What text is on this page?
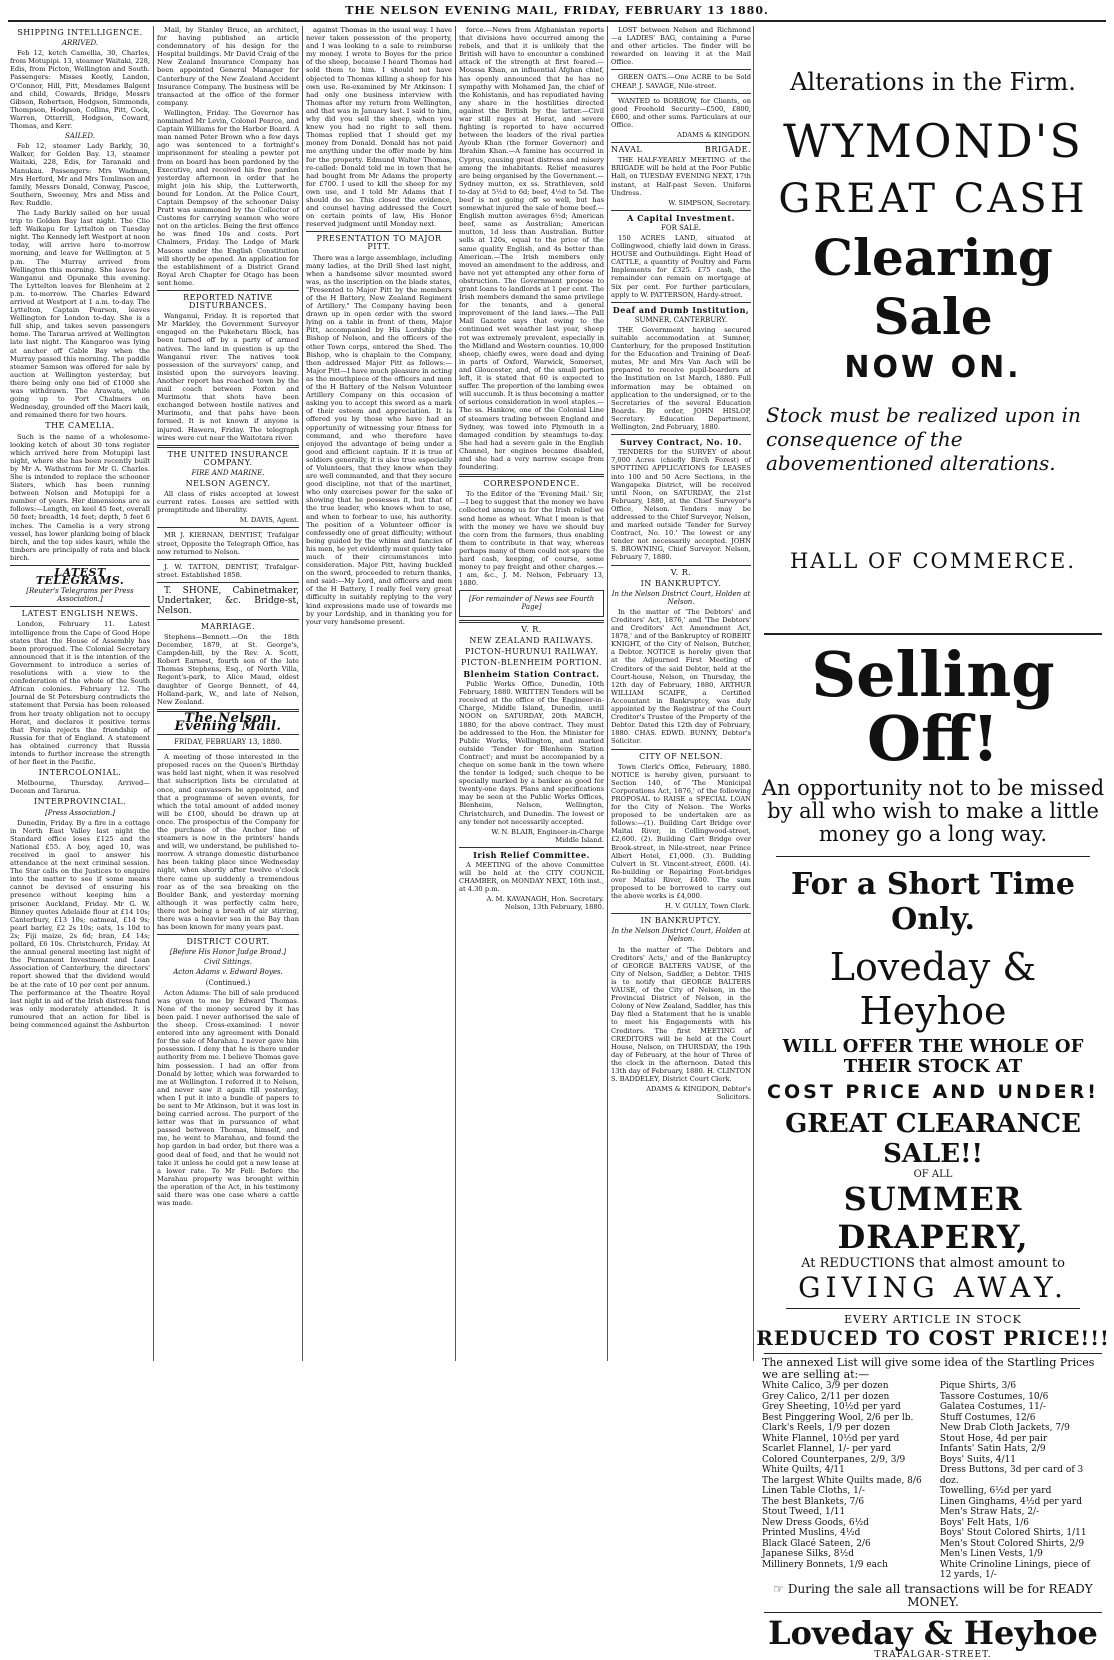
THE NELSON EVENING MAIL, FRIDAY, FEBRUARY 13 1880.
SHIPPING INTELLIGENCE.
ARRIVED.

Feb 12, ketch Camellia, 30, Charles, from Motupipi. 13, steamer Waitaki, 228, Edis, from Picton, Wellington and South. Passengers: Misses Keetly, Landon, O'Connor, Hill, Pitt, Mesdames Balgent and child, Cowards, Bridge, Messrs Gibson, Robertson, Hodgson, Simmonds, Thompson, Hodgson, Collins, Pitt, Cock, Warren, Otterrill, Hodgson, Coward, Thomas, and Kerr.

SAILED.

Feb 12, steamer Lady Barkly, 30, Walker, for Golden Bay. 13, steamer Waitaki, 228, Edis, for Taranaki and Manukau. Passengers: Mrs Wadman, Mrs Herford, Mr and Mrs Tomlinson and family, Messrs Donald, Conway, Pascoe, Southern, Sweeney, Mrs and Miss and Rev. Ruddle.

The Lady Barkly sailed on her usual trip to Golden Bay last night. The Clio left Waikapu for Lyttelton on Tuesday night. The Kennedy left Westport at noon today, will arrive here to-morrow morning, and leave for Wellington at 5 p.m. The Murray arrived from Wellington this morning. She leaves for Wanganui and Opunake this evening. The Lyttelton leaves for Blenheim at 2 p.m. to-morrow. The Charles Edward arrived at Westport at 1 a.m. to-day. The Lyttelton, Captain Pearson, leaves Wellington for London to-day. She is a full ship, and takes seven passengers home. The Tararua arrived at Wellington late last night. The Kangaroo was lying at anchor off Cable Bay when the Murray passed this morning. The paddle steamer Samson was offered for sale by auction at Wellington yesterday, but there being only one bid of £1000 she was withdrawn. The Arawata, while going up to Port Chalmers on Wednesday, grounded off the Maori kaik, and remained there for two hours.

THE CAMELIA.

Such is the name of a wholesome-looking ketch of about 30 tons register which arrived here from Motupipi last night, where she has been recently built by Mr A. Wathstrom for Mr G. Charles. She is intended to replace the schooner Sisters, which has been running between Nelson and Motupipi for a number of years. Her dimensions are as follows:—Length, on keel 45 feet, overall 50 feet; breadth, 14 feet; depth, 5 feet 6 inches. The Camelia is a very strong vessel, has lower planking being of black birch, and the top sides kauri, while the timbers are principally of rata and black birch.

LATEST TELEGRAMS.
[Reuter's Telegrams per Press Association.]
LATEST ENGLISH NEWS.

London, February 11. Latest intelligence from the Cape of Good Hope states that the House of Assembly has been prorogued. The Colonial Secretary announced that it is the intention of the Government to introduce a series of resolutions with a view to the confederation of the whole of the South African colonies. February 12. The Journal de St Petersburg contradicts the statement that Persia has been released from her treaty obligation not to occupy Herat, and declares it positive terms that Persia rejects the friendship of Russia for that of England. A statement has obtained currency that Russia intends to further increase the strength of her fleet in the Pacific.

INTERCOLONIAL.

Melbourne, Thursday. Arrived—Decean and Tararua.

INTERPROVINCIAL.
[Press Association.]

Dunedin, Friday. By a fire in a cottage in North East Valley last night the Standard office loses £125 and the National £55. A boy, aged 10, was received in gaol to answer his attendance at the next criminal session. The Star calls on the Justices to enquire into the matter to see if some means cannot be devised of ensuring his presence without keeping him a prisoner. Auckland, Friday. Mr G. W. Binney quotes Adelaide flour at £14 10s; Canterbury, £13 10s; oatmeal, £14 9s; pearl barley, £2 2s 10s; oats, 1s 10d to 2s; Fiji maize, 2s 6d; bran, £4 14s; pollard, £6 10s. Christchurch, Friday. At the annual general meeting last night of the Permanent Investment and Loan Association of Canterbury, the directors' report showed that the dividend would be at the rate of 10 per cent per annum. The performance at the Theatre Royal last night in aid of the Irish distress fund was only moderately attended. It is rumoured that an action for libel is being commenced against the Ashburton

Mail, by Stanley Bruce, an architect, for having published an article condemnatory of his design for the Hospital buildings. Mr David Craig of the New Zealand Insurance Company has been appointed General Manager for Canterbury of the New Zealand Accident Insurance Company. The business will be transacted at the office of the former company.

Wellington, Friday. The Governor has nominated Mr Levin, Colonel Pearce, and Captain Williams for the Harbor Board. A man named Peter Brown who a few days ago was sentenced to a fortnight's imprisonment for stealing a pewter pot from on board has been pardoned by the Executive, and received his free pardon yesterday afternoon in order that he might join his ship, the Lutterworth, bound for London. At the Police Court, Captain Dempsey of the schooner Daisy Pratt was summoned by the Collector of Customs for carrying seamen who were not on the articles. Being the first offence he was fined 10s and costs. Port Chalmers, Friday. The Lodge of Mark Masons under the English Constitution will shortly be opened. An application for the establishment of a District Grand Royal Arch Chapter for Otago has been sent home.

REPORTED NATIVE DISTURBANCES.

Wanganui, Friday. It is reported that Mr Markley, the Government Surveyor engaged on the Pukehetaru Block, has been turned off by a party of armed natives. The land in question is up the Wanganui river. The natives took possession of the surveyors' camp, and insisted upon the surveyors leaving. Another report has reached town by the mail coach between Foxton and Murimotu that shots have been exchanged between hostile natives and Murimotu, and that pahs have been formed. It is not known if anyone is injured. Hawera, Friday. The telegraph wires were cut near the Waitotara river.

THE UNITED INSURANCE COMPANY.
FIRE AND MARINE.
NELSON AGENCY.

All class of risks accepted at lowest current rates. Losses are settled with promptitude and liberality.

M. DAVIS, Agent.

MR J. KIERNAN, DENTIST, Trafalgar street, Opposite the Telegraph Office, has now returned to Nelson.

J. W. TATTON, DENTIST, Trafalgar-street. Established 1858.

T. SHONE, Cabinetmaker, Undertaker, &c. Bridge-st, Nelson.

MARRIAGE.

Stephens—Bennett.—On the 18th December, 1879, at St. George's, Campden-hill, by the Rev. A. Scott, Robert Earnest, fourth son of the late Thomas Stephens, Esq., of North Villa, Regent's-park, to Alice Maud, eldest daughter of George Bennett, of 44, Holland-park, W., and late of Nelson, New Zealand.

The Nelson Evening Mail.
FRIDAY, FEBRUARY 13, 1880.

A meeting of those interested in the proposed races on the Queen's Birthday was held last night, when it was resolved that subscription lists be circulated at once, and canvassers be appointed, and that a programme of seven events, for which the total amount of added money will be £100, should be drawn up at once. The prospectus of the Company for the purchase of the Anchor line of steamers is now in the printers' hands and will, we understand, be published to-morrow. A strange domestic disturbance has been taking place since Wednesday night, when shortly after twelve o'clock there came up suddenly a tremendous roar as of the sea breaking on the Boulder Bank, and yesterday morning although it was perfectly calm here, there not being a breath of air stirring, there was a heavier sea in the Bay than has been known for many years past.

DISTRICT COURT.
[Before His Honor Judge Broad.]
Civil Sittings.
Acton Adams v. Edward Boyes.
(Continued.)

Acton Adams: The bill of sale produced was given to me by Edward Thomas. None of the money secured by it has been paid. I never authorised the sale of the sheep. Cross-examined: I never entered into any agreement with Donald for the sale of Marahau. I never gave him possession. I deny that he is there under authority from me. I believe Thomas gave him possession. I had an offer from Donald by letter, which was forwarded to me at Wellington. I referred it to Nelson, and never saw it again till yesterday, when I put it into a bundle of papers to be sent to Mr Atkinson, but it was lost in being carried across. The purport of the letter was that in pursuance of what passed between Thomas, himself, and me, he went to Marahau, and found the hop garden in bad order, but there was a good deal of feed, and that he would not take it unless he could get a new lease at a lower rate. To Mr Fell: Before the Marahau property was brought within the operation of the Act, in his testimony said there was one case where a cattle was made.

against Thomas in the usual way. I have never taken possession of the property, and I was looking to a sale to reimburse my money. I wrote to Boyes for the price of the sheep, because I heard Thomas had sold them to him. I should not have objected to Thomas killing a sheep for his own use. Re-examined by Mr Atkinson: I had only one business interview with Thomas after my return from Wellington, and that was in January last. I said to him, why did you sell the sheep, when you knew you had no right to sell them. Thomas replied that I should get my money from Donald. Donald has not paid me anything under the offer made by him for the property. Edmund Walter Thomas, re-called: Donald told me in town that he had bought from Mr Adams the property for £700. I used to kill the sheep for my own use, and I told Mr Adams that I should do so. This closed the evidence, and counsel having addressed the Court on certain points of law, His Honor reserved judgment until Monday next.

PRESENTATION TO MAJOR PITT.

There was a large assemblage, including many ladies, at the Drill Shed last night, when a handsome silver mounted sword was, as the inscription on the blade states, "Presented to Major Pitt by the members of the H Battery, New Zealand Regiment of Artillery." The Company having been drawn up in open order with the sword lying on a table in front of them, Major Pitt, accompanied by His Lordship the Bishop of Nelson, and the officers of the other Town corps, entered the Shed. The Bishop, who is chaplain to the Company, then addressed Major Pitt as follows:—Major Pitt—I have much pleasure in acting as the mouthpiece of the officers and men of the H Battery of the Nelson Volunteer Artillery Company on this occasion of asking you to accept this sword as a mark of their esteem and appreciation. It is offered you by those who have had an opportunity of witnessing your fitness for command, and who therefore have enjoyed the advantage of being under a good and efficient captain. If it is true of soldiers generally, it is also true especially of Volunteers, that they know when they are well commanded, and that they secure good discipline, not that of the martinet, who only exercises power for the sake of showing that he possesses it, but that of the true leader, who knows when to use, and when to forbear to use, his authority. The position of a Volunteer officer is confessedly one of great difficulty; without being guided by the whims and fancies of his men, he yet evidently must quietly take much of their circumstances into consideration. Major Pitt, having buckled on the sword, proceeded to return thanks, and said:—My Lord, and officers and men of the H Battery, I really feel very great difficulty in suitably replying to the very kind expressions made use of towards me by your Lordship, and in thanking you for your very handsome present.

force.—News from Afghanistan reports that divisions have occurred among the rebels, and that it is unlikely that the British will have to encounter a combined attack of the strength at first feared.—Moussa Khan, an influential Afghan chief, has openly announced that he has no sympathy with Mohamed Jan, the chief of the Kohistanis, and has repudiated having any share in the hostilities directed against the British by the latter.—Civil war still rages at Herat, and severe fighting is reported to have occurred between the leaders of the rival parties Ayoub Khan (the former Governor) and Ibrahim Khan.—A famine has occurred in Cyprus, causing great distress and misery among the inhabitants. Relief measures are being organised by the Government.—Sydney mutton, ex ss. Strathleven, sold to-day at 5½d to 6d; beef, 4½d to 5d. The beef is not going off so well, but has somewhat injured the sale of home beef.—English mutton averages 6½d; American beef, same as Australian; American mutton, 1d less than Australian. Butter sells at 120s, equal to the price of the same quality English, and 4s better than American.—The Irish members only moved an amendment to the address, and have not yet attempted any other form of obstruction. The Government propose to grant loans to landlords at 1 per cent. The Irish members demand the same privilege for the tenants, and a general improvement of the land laws.—The Pall Mall Gazette says that owing to the continued wet weather last year, sheep rot was extremely prevalent, especially in the Midland and Western counties. 10,000 sheep, chiefly ewes, were dead and dying in parts of Oxford, Warwick, Somerset, and Gloucester, and, of the small portion left, it is stated that 60 is expected to suffer. The proportion of the lambing ewes will succumb. It is thus becoming a matter of serious consideration in wool staples.—The ss. Hankow, one of the Colonial Line of steamers trading between England and Sydney, was towed into Plymouth in a damaged condition by steamtugs to-day. She had had a severe gale in the English Channel, her engines became disabled, and she had a very narrow escape from foundering.

CORRESPONDENCE.

To the Editor of the 'Evening Mail.' Sir,—I beg to suggest that the money we have collected among us for the Irish relief we send home as wheat. What I mean is that with the money we have we should buy the corn from the farmers, thus enabling them to contribute in that way, whereas perhaps many of them could not spare the hard cash, keeping, of course, some money to pay freight and other charges.—I am, &c., J. M. Nelson, February 13, 1880.

[For remainder of News see Fourth Page]
V. R.
NEW ZEALAND RAILWAYS.
PICTON-HURUNUI RAILWAY.
PICTON-BLENHEIM PORTION.
Blenheim Station Contract.

Public Works Office, Dunedin, 10th February, 1880. WRITTEN Tenders will be received at the office of the Engineer-in-Charge, Middle Island, Dunedin, until NOON on SATURDAY, 20th MARCH, 1880, for the above contract. They must be addressed to the Hon. the Minister for Public Works, Wellington, and marked outside 'Tender for Blenheim Station Contract'; and must be accompanied by a cheque on some bank in the town where the tender is lodged; such cheque to be specially marked by a banker as good for twenty-one days. Plans and specifications may be seen at the Public Works Offices, Blenheim, Nelson, Wellington, Christchurch, and Dunedin. The lowest or any tender not necessarily accepted.

W. N. BLAIR, Engineer-in-Charge Middle Island.

Irish Relief Committee.

A MEETING of the above Committee will be held at the CITY COUNCIL CHAMBER, on MONDAY NEXT, 16th inst., at 4.30 p.m.

A. M. KAVANAGH, Hon. Secretary. Nelson, 13th February, 1880.

LOST between Nelson and Richmond—a LADIES' BAG, containing a Purse and other articles. The finder will be rewarded on leaving it at the Mail Office.

GREEN OATS.—One ACRE to be Sold CHEAP. J. SAVAGE, Nile-street.

WANTED to BORROW, for Clients, on good Freehold Security—£500, £800, £600, and other sums. Particulars at our Office.

ADAMS & KINGDON.

NAVAL	BRIGADE.

THE HALF-YEARLY MEETING of the BRIGADE will be held at the Poor Public Hall, on TUESDAY EVENING NEXT, 17th instant, at Half-past Seven. Uniform Undress.

W. SIMPSON, Secretary.

A Capital Investment.
FOR SALE.

150 ACRES LAND, situated at Collingwood, chiefly laid down in Grass. HOUSE and Outbuildings. Eight Head of CATTLE, a quantity of Poultry and Farm Implements for £325. £75 cash, the remainder can remain on mortgage at Six per cent. For further particulars, apply to W. PATTERSON, Hardy-street.

Deaf and Dumb Institution,
SUMNER, CANTERBURY.

THE Government having secured suitable accommodation at Sumner, Canterbury, for the proposed Institution for the Education and Training of Deaf-mutes, Mr and Mrs Van Asch will be prepared to receive pupil-boarders at the Institution on 1st March, 1880. Full information may be obtained on application to the undersigned, or to the Secretaries of the several Education Boards. By order, JOHN HISLOP, Secretary. Education Department, Wellington, 2nd February, 1880.

Survey Contract, No. 10.

TENDERS for the SURVEY of about 7,000 Acres (chiefly Birch Forest) of SPOTTING APPLICATIONS for LEASES into 100 and 50 Acre Sections, in the Wangapeka District, will be received until Noon, on SATURDAY, the 21st February, 1880, at the Chief Surveyor's Office, Nelson. Tenders may be addressed to the Chief Surveyor, Nelson, and marked outside 'Tender for Survey Contract, No. 10.' The lowest or any tender not necessarily accepted. JOHN S. BROWNING, Chief Surveyor. Nelson, February 7, 1880.

V. R.
IN BANKRUPTCY.
In the Nelson District Court, Holden at Nelson.

In the matter of 'The Debtors' and Creditors' Act, 1876,' and 'The Debtors' and Creditors' Act Amendment Act, 1878,' and of the Bankruptcy of ROBERT KNIGHT, of the City of Nelson, Butcher, a Debtor. NOTICE is hereby given that at the Adjourned First Meeting of Creditors of the said Debtor, held at the Court-house, Nelson, on Thursday, the 12th day of February, 1880, ARTHUR WILLIAM SCAIFE, a Certified Accountant in Bankruptcy, was duly appointed by the Registrar of the Court Creditor's Trustee of the Property of the Debtor. Dated this 12th day of February, 1880. CHAS. EDWD. BUNNY, Debtor's Solicitor.

CITY OF NELSON.

Town Clerk's Office, February, 1880. NOTICE is hereby given, pursuant to Section 140, of 'The Municipal Corporations Act, 1876,' of the following PROPOSAL to RAISE a SPECIAL LOAN for the City of Nelson. The Works proposed to be undertaken are as follows:—(1). Building Cart Bridge over Maitai River, in Collingwood-street, £2,600. (2). Building Cart Bridge over Brook-street, in Nile-street, near Prince Albert Hotel, £1,000. (3). Building Culvert in St. Vincent-street, £600. (4). Re-building or Repairing Foot-bridges over Maitai River, £400. The sum proposed to be borrowed to carry out the above works is £4,000.

H. V. GULLY, Town Clerk.

IN BANKRUPTCY.
In the Nelson District Court, Holden at Nelson.

In the matter of 'The Debtors and Creditors' Acts,' and of the Bankruptcy of GEORGE BALTERS VAUSE, of the City of Nelson, Saddler, a Debtor. THIS is to notify that GEORGE BALTERS VAUSE, of the City of Nelson, in the Provincial District of Nelson, in the Colony of New Zealand, Saddler, has this Day filed a Statement that he is unable to meet his Engagements with his Creditors. The first MEETING of CREDITORS will be held at the Court House, Nelson, on THURSDAY, the 19th day of February, at the hour of Three of the clock in the afternoon. Dated this 13th day of February, 1880. H. CLINTON S. BADDELEY, District Court Clerk.

ADAMS & KINGDON, Debtor's Solicitors.

Alterations in the Firm.

WYMOND'S

GREAT CASH

Clearing Sale

NOW ON.

Stock must be realized upon in consequence of the abovementioned alterations.

HALL OF COMMERCE.

Selling Off!

An opportunity not to be missed by all who wish to make a little money go a long way.

For a Short Time Only.

Loveday & Heyhoe

WILL OFFER THE WHOLE OF THEIR STOCK AT

COST PRICE AND UNDER!

GREAT CLEARANCE SALE!!

OF ALL

SUMMER DRAPERY,

At REDUCTIONS that almost amount to

GIVING AWAY.

EVERY ARTICLE IN STOCK

REDUCED TO COST PRICE!!!

The annexed List will give some idea of the Startling Prices we are selling at:—

White Calico, 3/9 per dozen
Grey Calico, 2/11 per dozen
Grey Sheeting, 10½d per yard
Best Pinggering Wool, 2/6 per lb.
Clark's Reels, 1/9 per dozen
White Flannel, 10½d per yard
Scarlet Flannel, 1/- per yard
Colored Counterpanes, 2/9, 3/9
White Quilts, 4/11
The largest White Quilts made, 8/6
Linen Table Cloths, 1/-
The best Blankets, 7/6
Stout Tweed, 1/11
New Dress Goods, 6½d
Printed Muslins, 4½d
Black Glacé Sateen, 2/6
Japanese Silks, 8½d
Millinery Bonnets, 1/9 each
Pique Shirts, 3/6
Tassore Costumes, 10/6
Galatea Costumes, 11/-
Stuff Costumes, 12/6
New Drab Cloth Jackets, 7/9
Stout Hose, 4d per pair
Infants' Satin Hats, 2/9
Boys' Suits, 4/11
Dress Buttons, 3d per card of 3 doz.
Towelling, 6½d per yard
Linen Ginghams, 4½d per yard
Men's Straw Hats, 2/-
Boys' Felt Hats, 1/6
Boys' Stout Colored Shirts, 1/11
Men's Stout Colored Shirts, 2/9
Men's Linen Vests, 1/9
White Crinoline Linings, piece of 12 yards, 1/-

☞ During the sale all transactions will be for READY MONEY.

Loveday & Heyhoe

TRAFALGAR-STREET.
